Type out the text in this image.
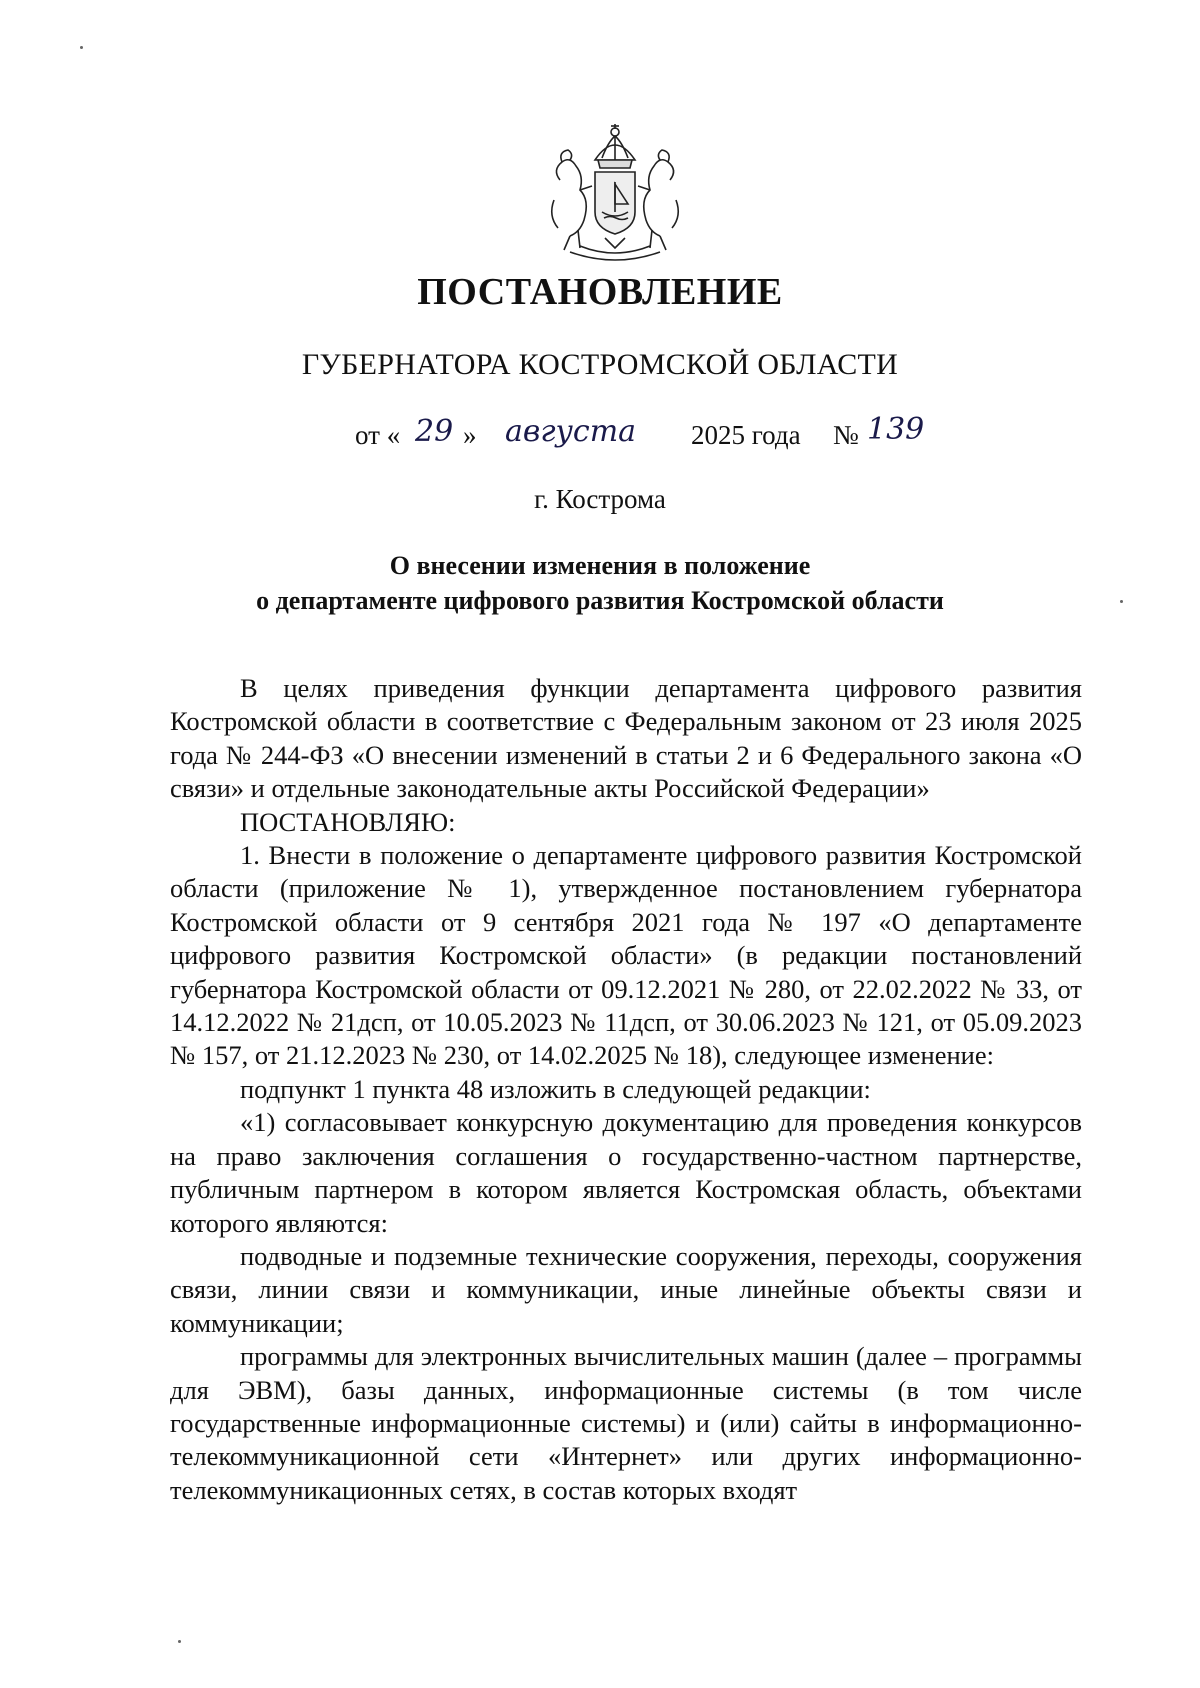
ПОСТАНОВЛЕНИЕ
ГУБЕРНАТОРА КОСТРОМСКОЙ ОБЛАСТИ
от « 29 » августа 2025 года № 139
г. Кострома
О внесении изменения в положение
о департаменте цифрового развития Костромской области

В целях приведения функции департамента цифрового развития Костромской области в соответствие с Федеральным законом от 23 июля 2025 года № 244-ФЗ «О внесении изменений в статьи 2 и 6 Федерального закона «О связи» и отдельные законодательные акты Российской Федерации»

ПОСТАНОВЛЯЮ:

1. Внести в положение о департаменте цифрового развития Костромской области (приложение № 1), утвержденное постановлением губернатора Костромской области от 9 сентября 2021 года № 197 «О департаменте цифрового развития Костромской области» (в редакции постановлений губернатора Костромской области от 09.12.2021 № 280, от 22.02.2022 № 33, от 14.12.2022 № 21дсп, от 10.05.2023 № 11дсп, от 30.06.2023 № 121, от 05.09.2023 № 157, от 21.12.2023 № 230, от 14.02.2025 № 18), следующее изменение:

подпункт 1 пункта 48 изложить в следующей редакции:

«1) согласовывает конкурсную документацию для проведения конкурсов на право заключения соглашения о государственно-частном партнерстве, публичным партнером в котором является Костромская область, объектами которого являются:

подводные и подземные технические сооружения, переходы, сооружения связи, линии связи и коммуникации, иные линейные объекты связи и коммуникации;

программы для электронных вычислительных машин (далее – программы для ЭВМ), базы данных, информационные системы (в том числе государственные информационные системы) и (или) сайты в информационно-телекоммуникационной сети «Интернет» или других информационно-телекоммуникационных сетях, в состав которых входят
